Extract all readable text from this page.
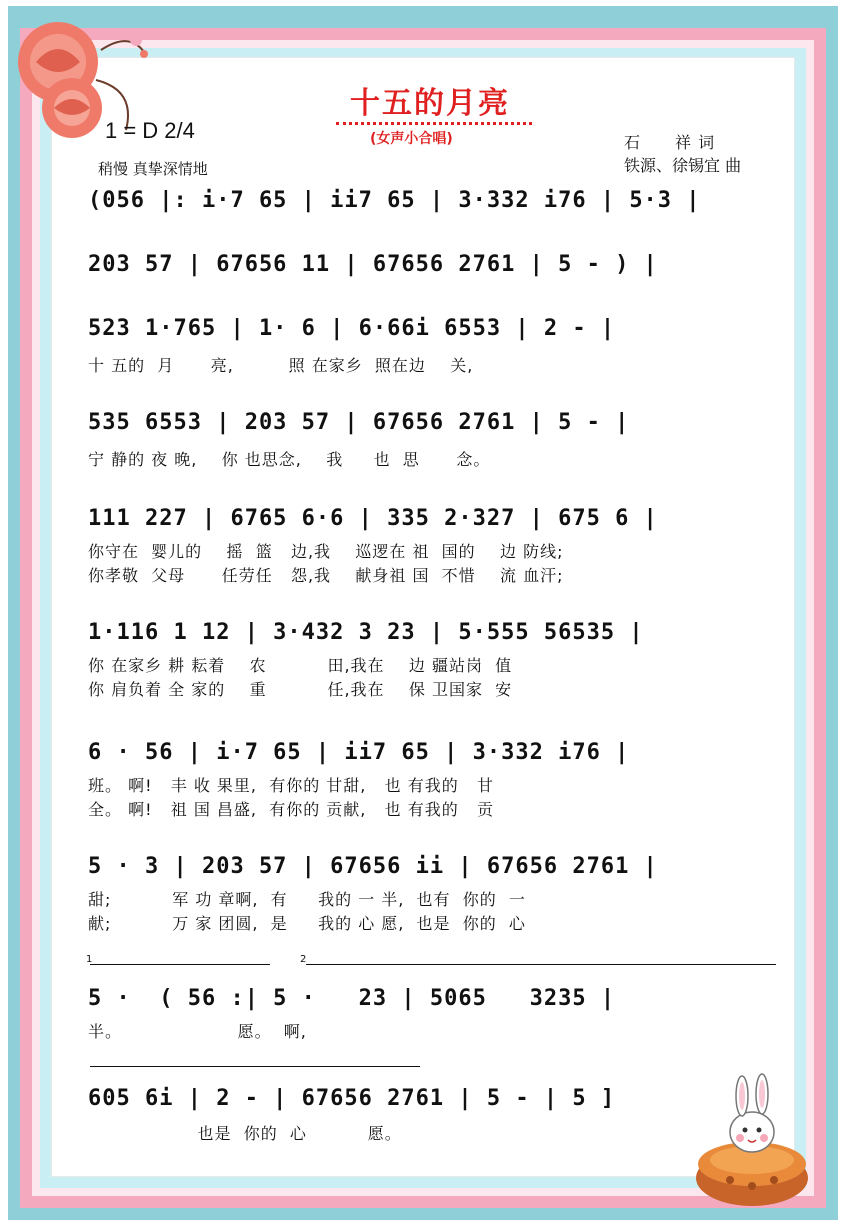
十五的月亮
(女声小合唱)
1 = D 2/4
稍慢 真挚深情地
石　　祥 词
铁源、徐锡宜 曲
(056 |: i·7 65 | ii7 65 | 3·332 i76 | 5·3 |
203 57 | 67656 11 | 67656 2761 | 5 - ) |
523 1·765 | 1· 6 | 6·66i 6553 | 2 - |
十 五的  月      亮,         照 在家乡  照在边    关,
535 6553 | 203 57 | 67656 2761 | 5 - |
宁 静的 夜 晚,    你 也思念,    我     也  思      念。
111 227 | 6765 6·6 | 335 2·327 | 675 6 |
你守在  婴儿的    摇  篮   边,我    巡逻在 祖  国的    边 防线;
你孝敬  父母      任劳任   怨,我    献身祖 国  不惜    流 血汗;
1·116 1 12 | 3·432 3 23 | 5·555 56535 |
你 在家乡 耕 耘着    农          田,我在    边 疆站岗  值
你 肩负着 全 家的    重          任,我在    保 卫国家  安
6 · 56 | i·7 65 | ii7 65 | 3·332 i76 |
班。 啊!   丰 收 果里,  有你的 甘甜,   也 有我的   甘
全。 啊!   祖 国 昌盛,  有你的 贡献,   也 有我的   贡
5 · 3 | 203 57 | 67656 ii | 67656 2761 |
甜;          军 功 章啊,  有     我的 一 半,  也有  你的  一
献;          万 家 团圆,  是     我的 心 愿,  也是  你的  心
1	2
5 ·  ( 56 :| 5 ·   23 | 5065   3235 |
半。                   愿。  啊,
605 6i | 2 - | 67656 2761 | 5 - | 5 ]
也是  你的  心          愿。
